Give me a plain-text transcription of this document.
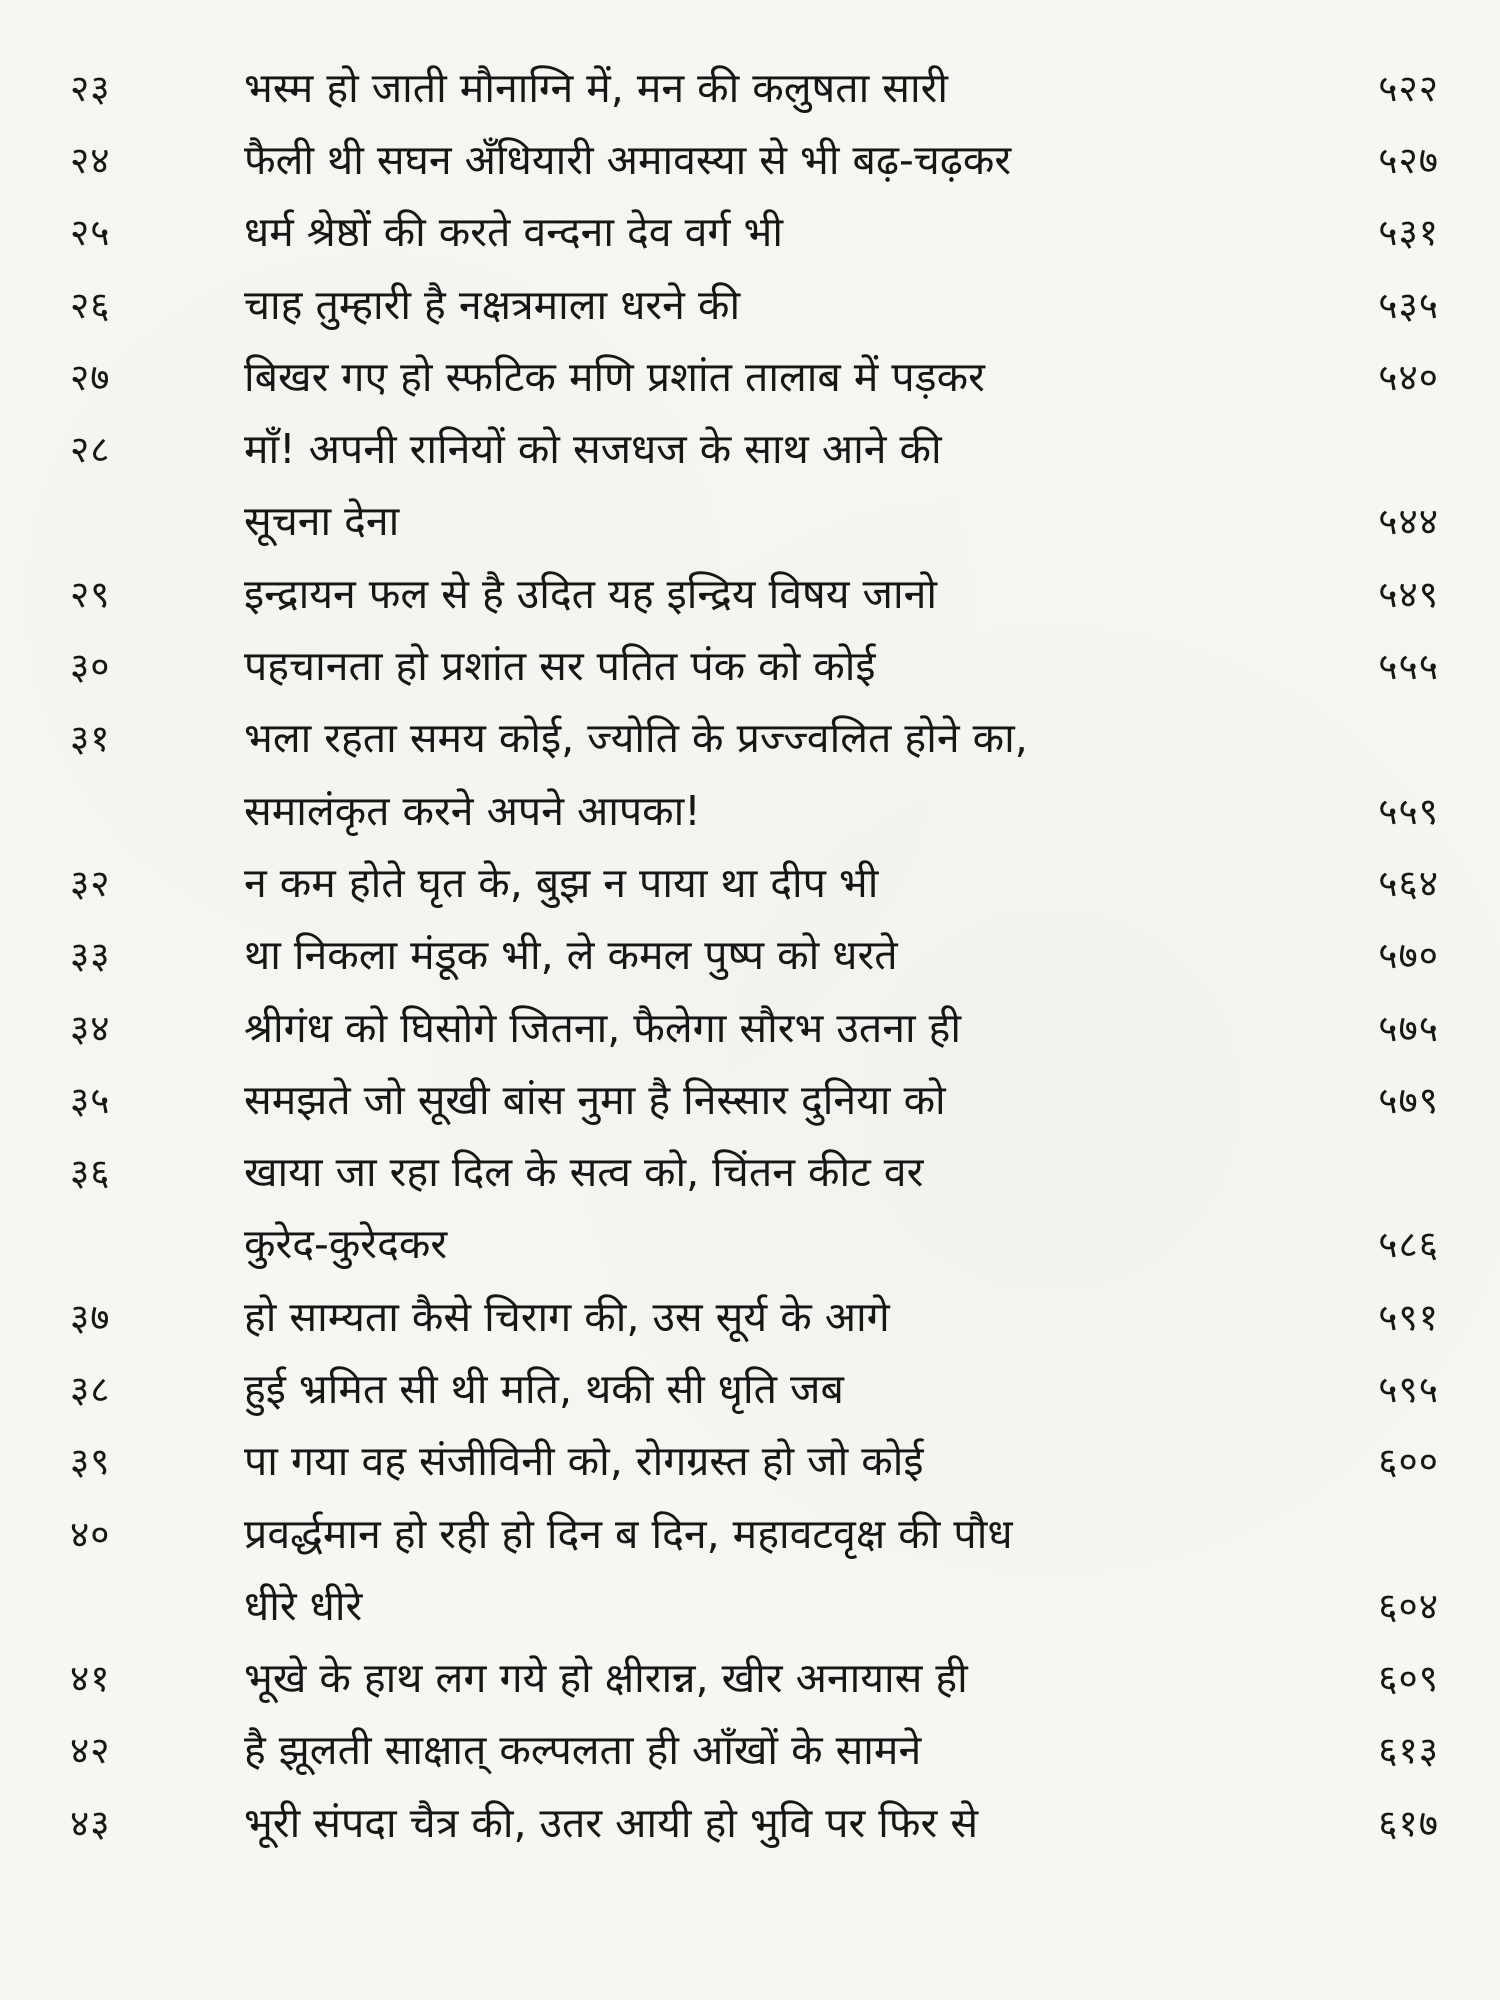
२३	भस्म हो जाती मौनाग्नि में, मन की कलुषता सारी	५२२
२४	फैली थी सघन अँधियारी अमावस्या से भी बढ़-चढ़कर	५२७
२५	धर्म श्रेष्ठों की करते वन्दना देव वर्ग भी	५३१
२६	चाह तुम्हारी है नक्षत्रमाला धरने की	५३५
२७	बिखर गए हो स्फटिक मणि प्रशांत तालाब में पड़कर	५४०
२८	माँ! अपनी रानियों को सजधज के साथ आने की
सूचना देना	५४४
२९	इन्द्रायन फल से है उदित यह इन्द्रिय विषय जानो	५४९
३०	पहचानता हो प्रशांत सर पतित पंक को कोई	५५५
३१	भला रहता समय कोई, ज्योति के प्रज्ज्वलित होने का,
समालंकृत करने अपने आपका!	५५९
३२	न कम होते घृत के, बुझ न पाया था दीप भी	५६४
३३	था निकला मंडूक भी, ले कमल पुष्प को धरते	५७०
३४	श्रीगंध को घिसोगे जितना, फैलेगा सौरभ उतना ही	५७५
३५	समझते जो सूखी बांस नुमा है निस्सार दुनिया को	५७९
३६	खाया जा रहा दिल के सत्व को, चिंतन कीट वर
कुरेद-कुरेदकर	५८६
३७	हो साम्यता कैसे चिराग की, उस सूर्य के आगे	५९१
३८	हुई भ्रमित सी थी मति, थकी सी धृति जब	५९५
३९	पा गया वह संजीविनी को, रोगग्रस्त हो जो कोई	६००
४०	प्रवर्द्धमान हो रही हो दिन ब दिन, महावटवृक्ष की पौध
धीरे धीरे	६०४
४१	भूखे के हाथ लग गये हो क्षीरान्न, खीर अनायास ही	६०९
४२	है झूलती साक्षात् कल्पलता ही आँखों के सामने	६१३
४३	भूरी संपदा चैत्र की, उतर आयी हो भुवि पर फिर से	६१७
